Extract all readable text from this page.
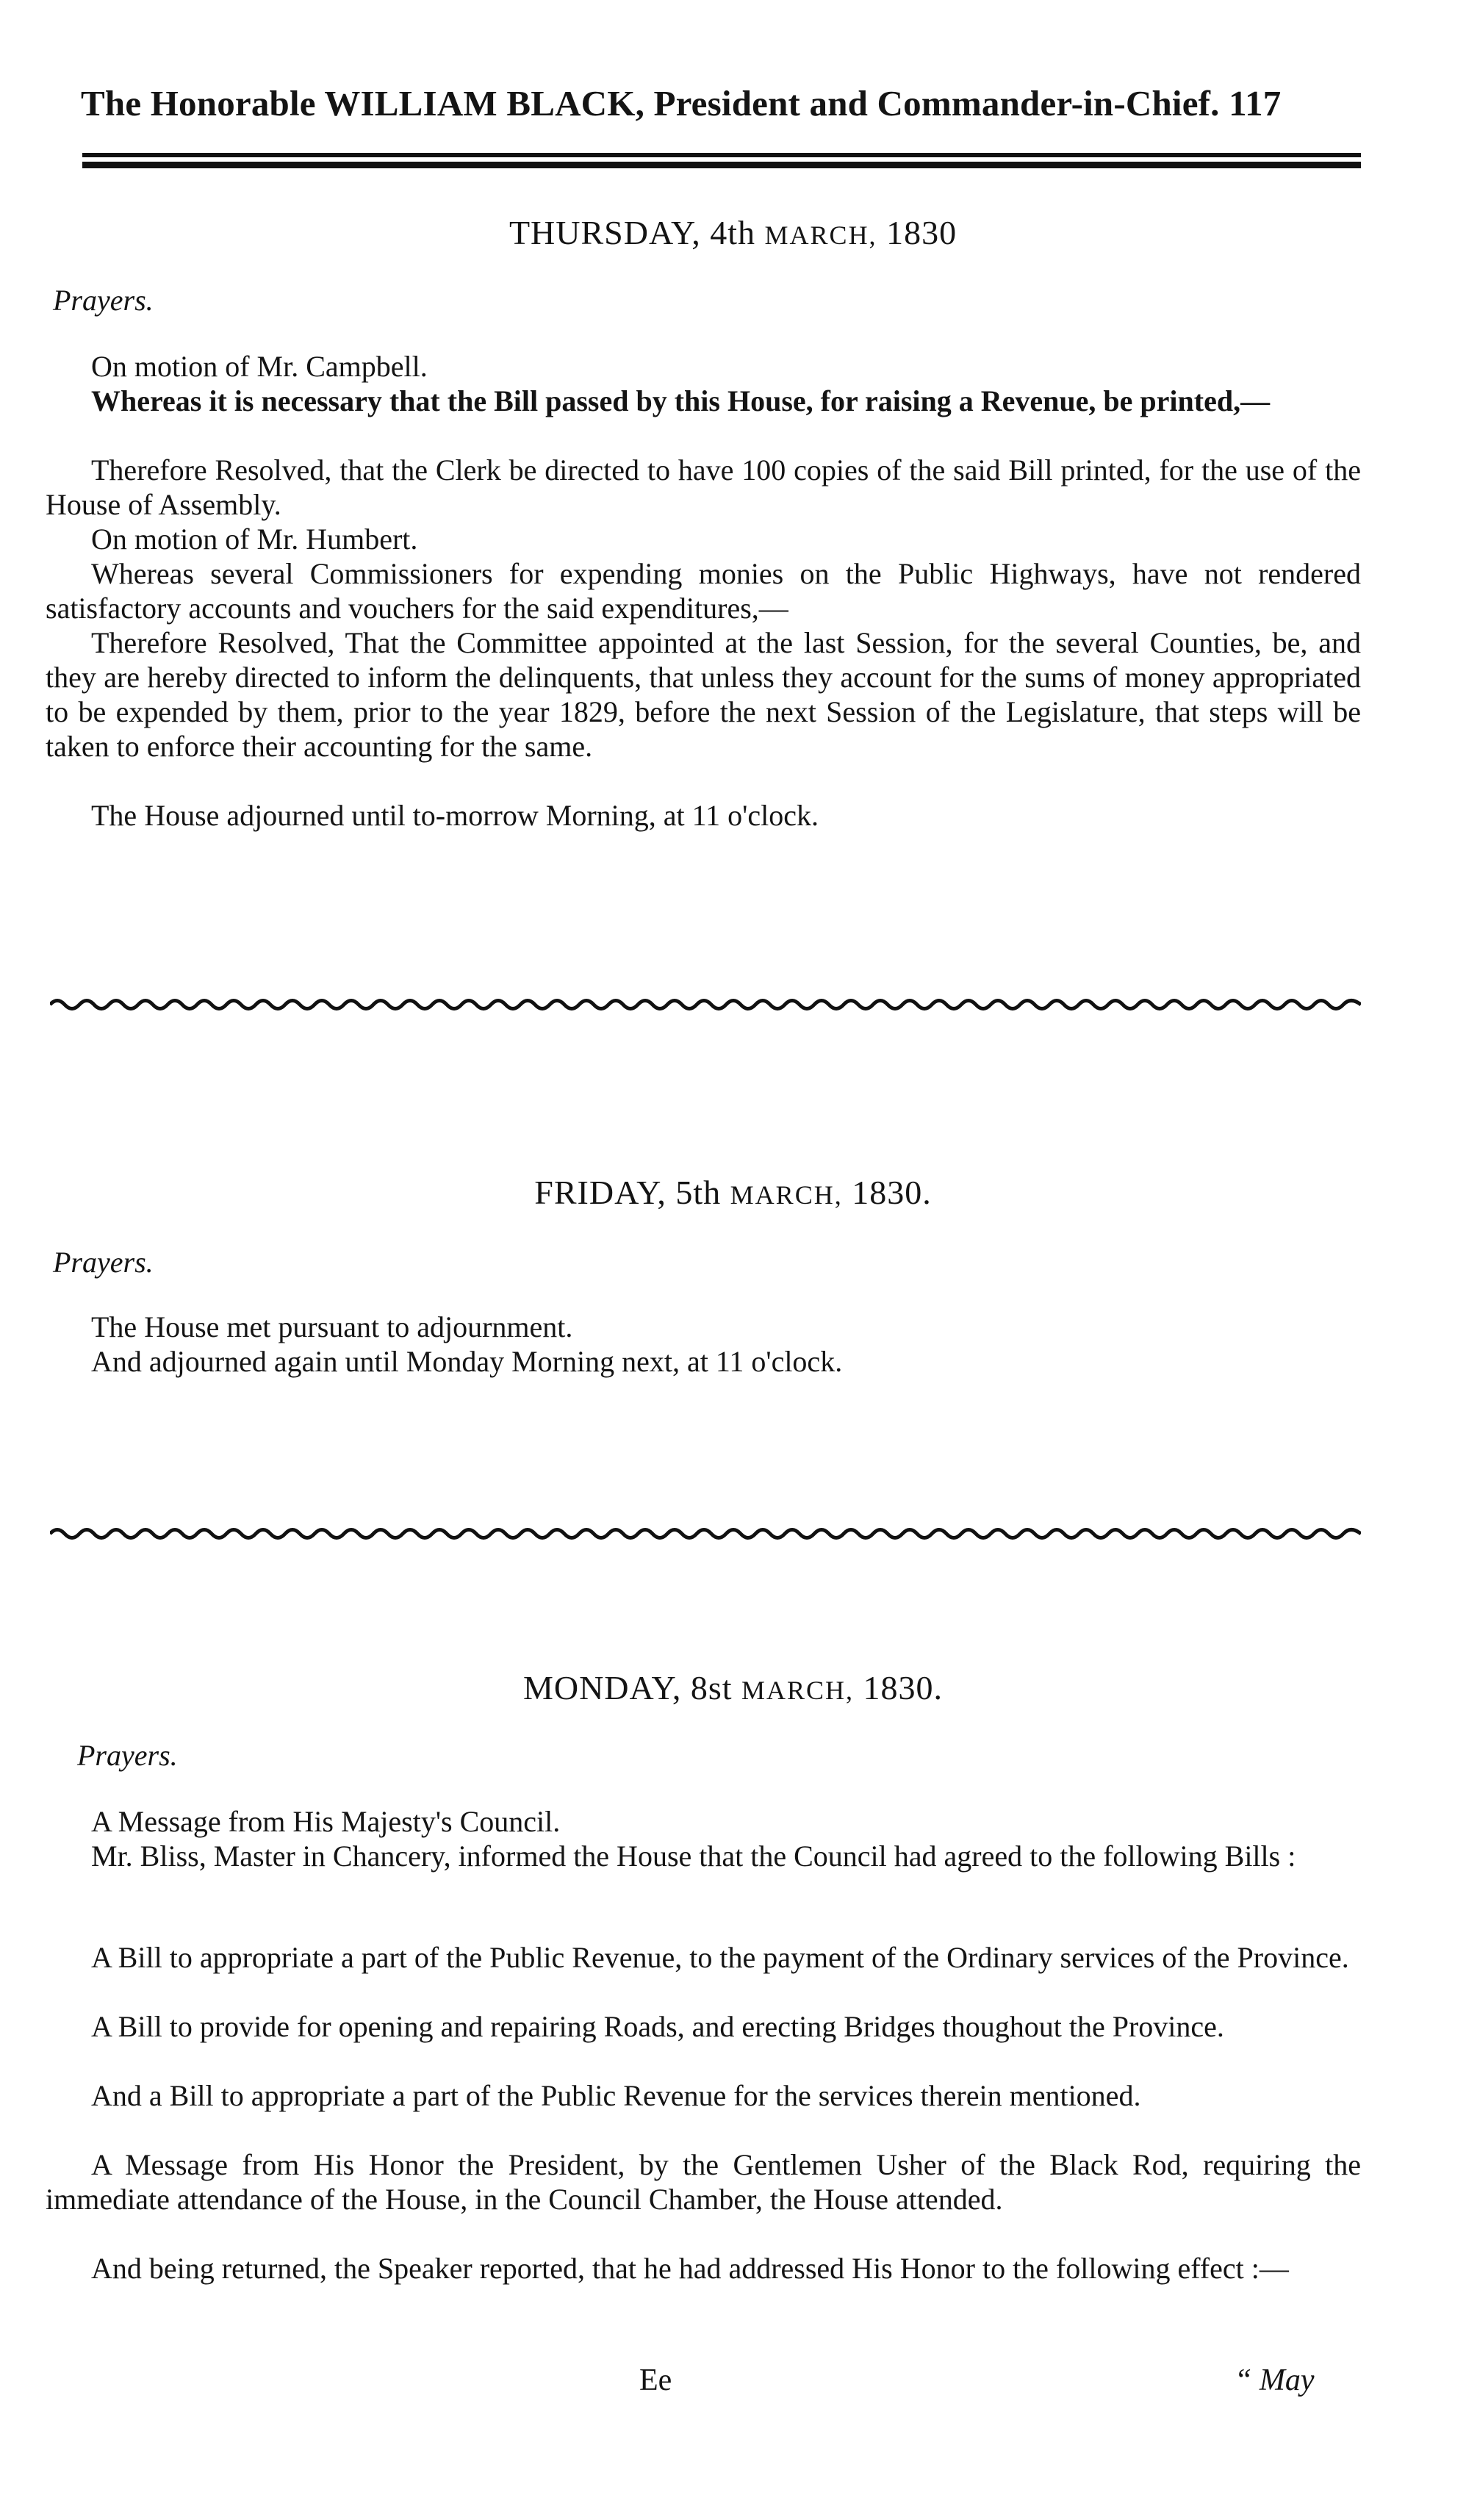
The Honorable WILLIAM BLACK, President and Commander-in-Chief. 117
THURSDAY, 4th MARCH, 1830
Prayers.
On motion of Mr. Campbell.
Whereas it is necessary that the Bill passed by this House, for raising a Revenue, be printed,—
Therefore Resolved, that the Clerk be directed to have 100 copies of the said Bill printed, for the use of the House of Assembly.
On motion of Mr. Humbert.
Whereas several Commissioners for expending monies on the Public Highways, have not rendered satisfactory accounts and vouchers for the said expenditures,—
Therefore Resolved, That the Committee appointed at the last Session, for the several Counties, be, and they are hereby directed to inform the delinquents, that unless they account for the sums of money appropriated to be expended by them, prior to the year 1829, before the next Session of the Legislature, that steps will be taken to enforce their accounting for the same.
The House adjourned until to-morrow Morning, at 11 o'clock.
FRIDAY, 5th MARCH, 1830.
Prayers.
The House met pursuant to adjournment.
And adjourned again until Monday Morning next, at 11 o'clock.
MONDAY, 8st MARCH, 1830.
Prayers.
A Message from His Majesty's Council.
Mr. Bliss, Master in Chancery, informed the House that the Council had agreed to the following Bills :
A Bill to appropriate a part of the Public Revenue, to the payment of the Ordinary services of the Province.
A Bill to provide for opening and repairing Roads, and erecting Bridges thoughout the Province.
And a Bill to appropriate a part of the Public Revenue for the services therein mentioned.
A Message from His Honor the President, by the Gentlemen Usher of the Black Rod, requiring the immediate attendance of the House, in the Council Chamber, the House attended.
And being returned, the Speaker reported, that he had addressed His Honor to the following effect :—
Ee	“ May
